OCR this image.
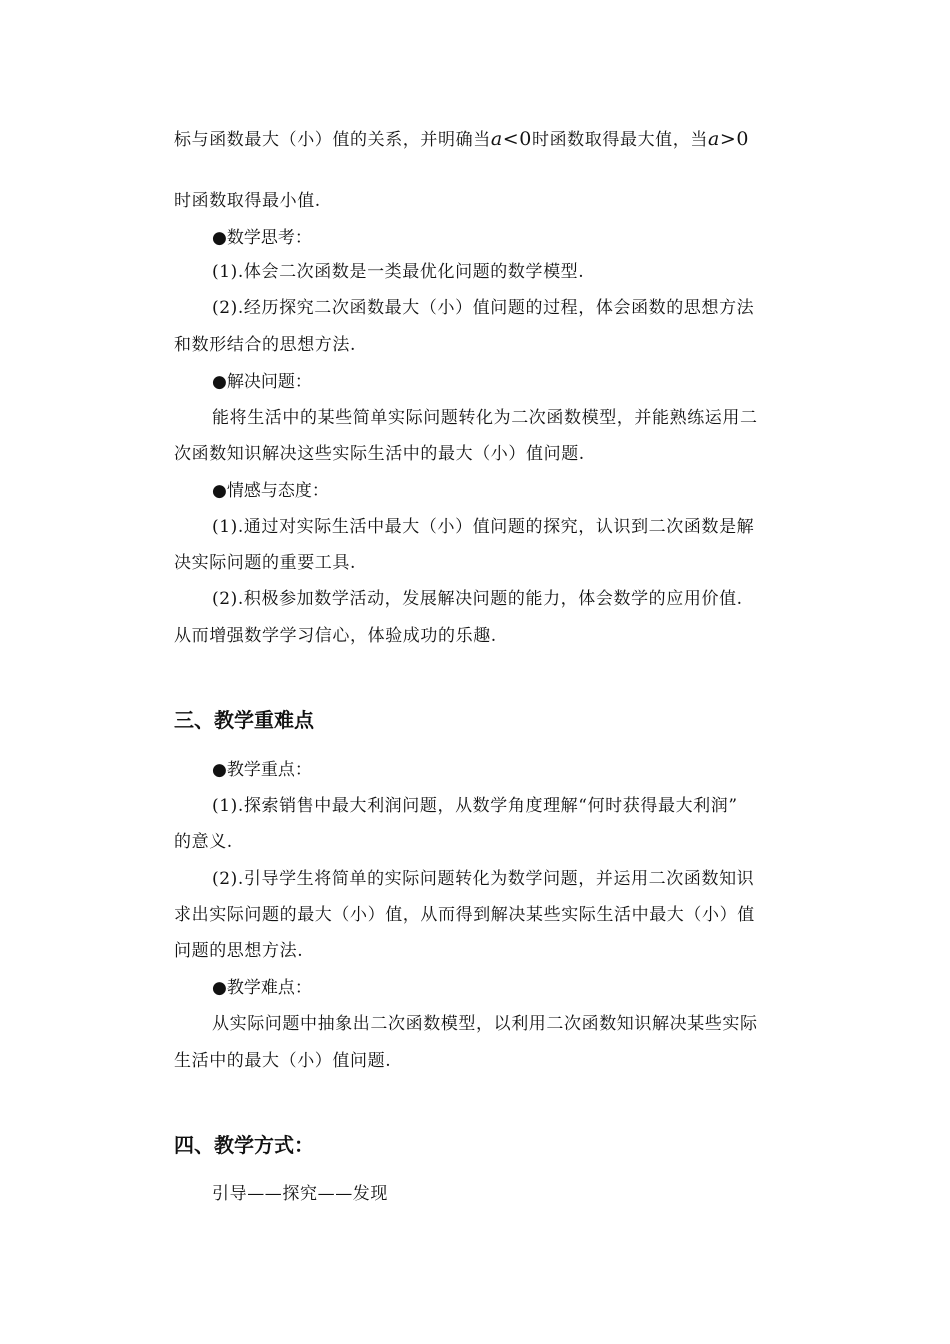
标与函数最大（小）值的关系，并明确当a<0时函数取得最大值，当a>0
时函数取得最小值.
●数学思考：
(1).体会二次函数是一类最优化问题的数学模型.
(2).经历探究二次函数最大（小）值问题的过程，体会函数的思想方法
和数形结合的思想方法.
●解决问题：
能将生活中的某些简单实际问题转化为二次函数模型，并能熟练运用二
次函数知识解决这些实际生活中的最大（小）值问题.
●情感与态度：
(1).通过对实际生活中最大（小）值问题的探究，认识到二次函数是解
决实际问题的重要工具.
(2).积极参加数学活动，发展解决问题的能力，体会数学的应用价值.
从而增强数学学习信心，体验成功的乐趣.
三、教学重难点
●教学重点：
(1).探索销售中最大利润问题，从数学角度理解“何时获得最大利润”
的意义.
(2).引导学生将简单的实际问题转化为数学问题，并运用二次函数知识
求出实际问题的最大（小）值，从而得到解决某些实际生活中最大（小）值
问题的思想方法.
●教学难点：
从实际问题中抽象出二次函数模型，以利用二次函数知识解决某些实际
生活中的最大（小）值问题.
四、教学方式：
引导——探究——发现
